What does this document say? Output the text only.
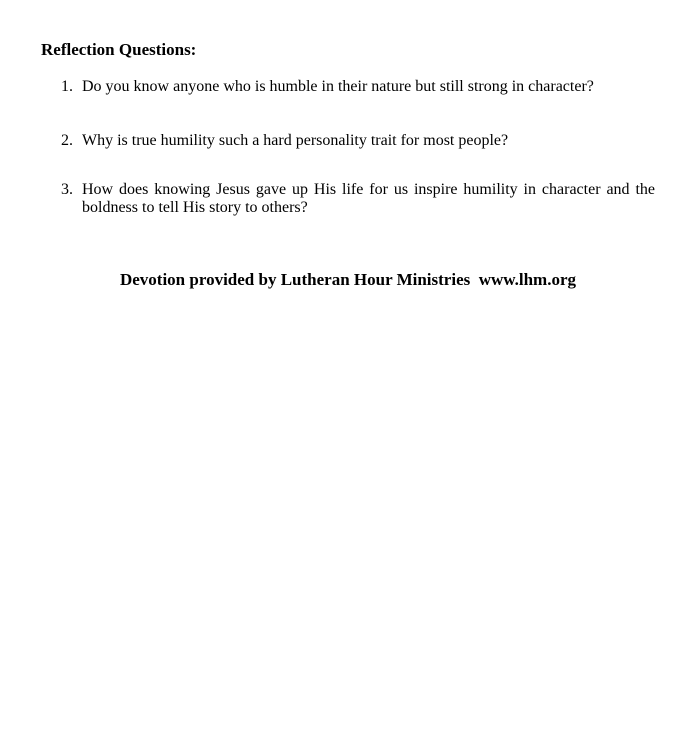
Reflection Questions:
1. Do you know anyone who is humble in their nature but still strong in character?
2. Why is true humility such a hard personality trait for most people?
3. How does knowing Jesus gave up His life for us inspire humility in character and the boldness to tell His story to others?
Devotion provided by Lutheran Hour Ministries  www.lhm.org
